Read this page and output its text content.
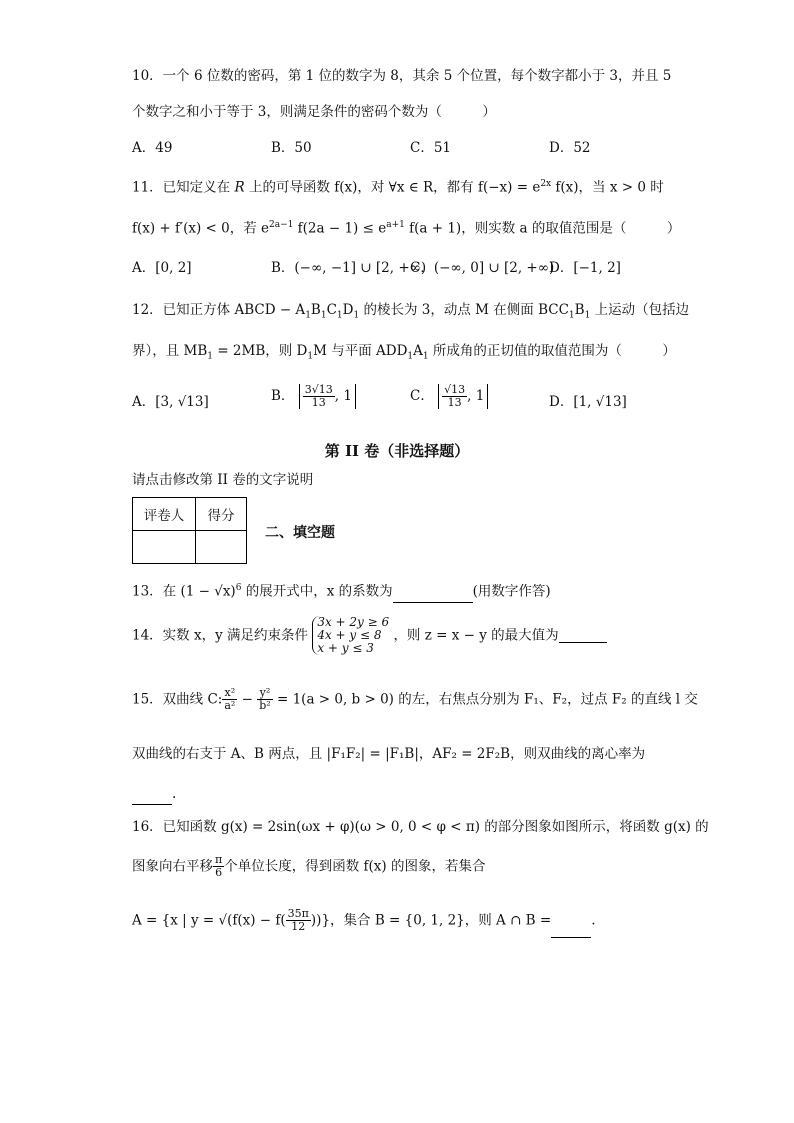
10．一个 6 位数的密码，第 1 位的数字为 8，其余 5 个位置，每个数字都小于 3，并且 5
个数字之和小于等于 3，则满足条件的密码个数为（　　　）
A．49	B．50	C．51	D．52
11．已知定义在 R 上的可导函数 f(x)，对 ∀x ∈ R，都有 $f(-x) = e^{2x}$ f(x)，当 x > 0 时
f(x) + f′(x) < 0，若 $e^{2a-1}$ $f(2a - 1) \le e^{a+1}$ f(a + 1)，则实数 a 的取值范围是（　　　）
A．[0, 2]	B．(−∞, −1] ∪ [2, +∞)
C．(−∞, 0] ∪ [2, +∞)
D．[−1, 2]
12．已知正方体 ABCD − $A_1B_1C_1D_1$ 的棱长为 3，动点 M 在侧面 $BCC_1B_1$ 上运动（包括边
界），且 $MB_1 = 2MB$，则 $D_1M$ 与平面 $ADD_1A_1$ 所成角的正切值的取值范围为（　　　）
A．[3, √13]	B． $\frac{3√13}{13}$ , 1	C． $\frac{√13}{13}$ , 1	D．[1, √13]
第 II 卷（非选择题）
请点击修改第 II 卷的文字说明
评卷人	得分

二、填空题
13．在 $(1 - √x)^6$ 的展开式中，x 的系数为	(用数字作答)
14．实数 x，y 满足约束条件
3x + 2y ≥ 6
4x + y ≤ 8
x + y ≤ 3
，则 z = x − y 的最大值为
15．双曲线 C: $\frac{\text{x²}}{\text{a²}} - \frac{\text{y²}}{\text{b²}} = 1(a > 0$, b > 0) 的左，右焦点分别为 F₁、F₂，过点 F₂ 的直线 l 交
双曲线的右支于 A、B 两点，且 |F₁F₂| = |F₁B|，AF₂ = 2F₂B，则双曲线的离心率为
.
16．已知函数 g(x) = 2sin(ωx + φ)(ω > 0, 0 < φ < π) 的部分图象如图所示，将函数 g(x) 的
图象向右平移 $\frac{\pi}{6}$ 个单位长度，得到函数 f(x) 的图象，若集合
A = {x | $y = √(f(x) - f( \frac{35\pi}{12}$ ))}，集合 B = {0, 1, 2}，则 A ∩ B =	.
